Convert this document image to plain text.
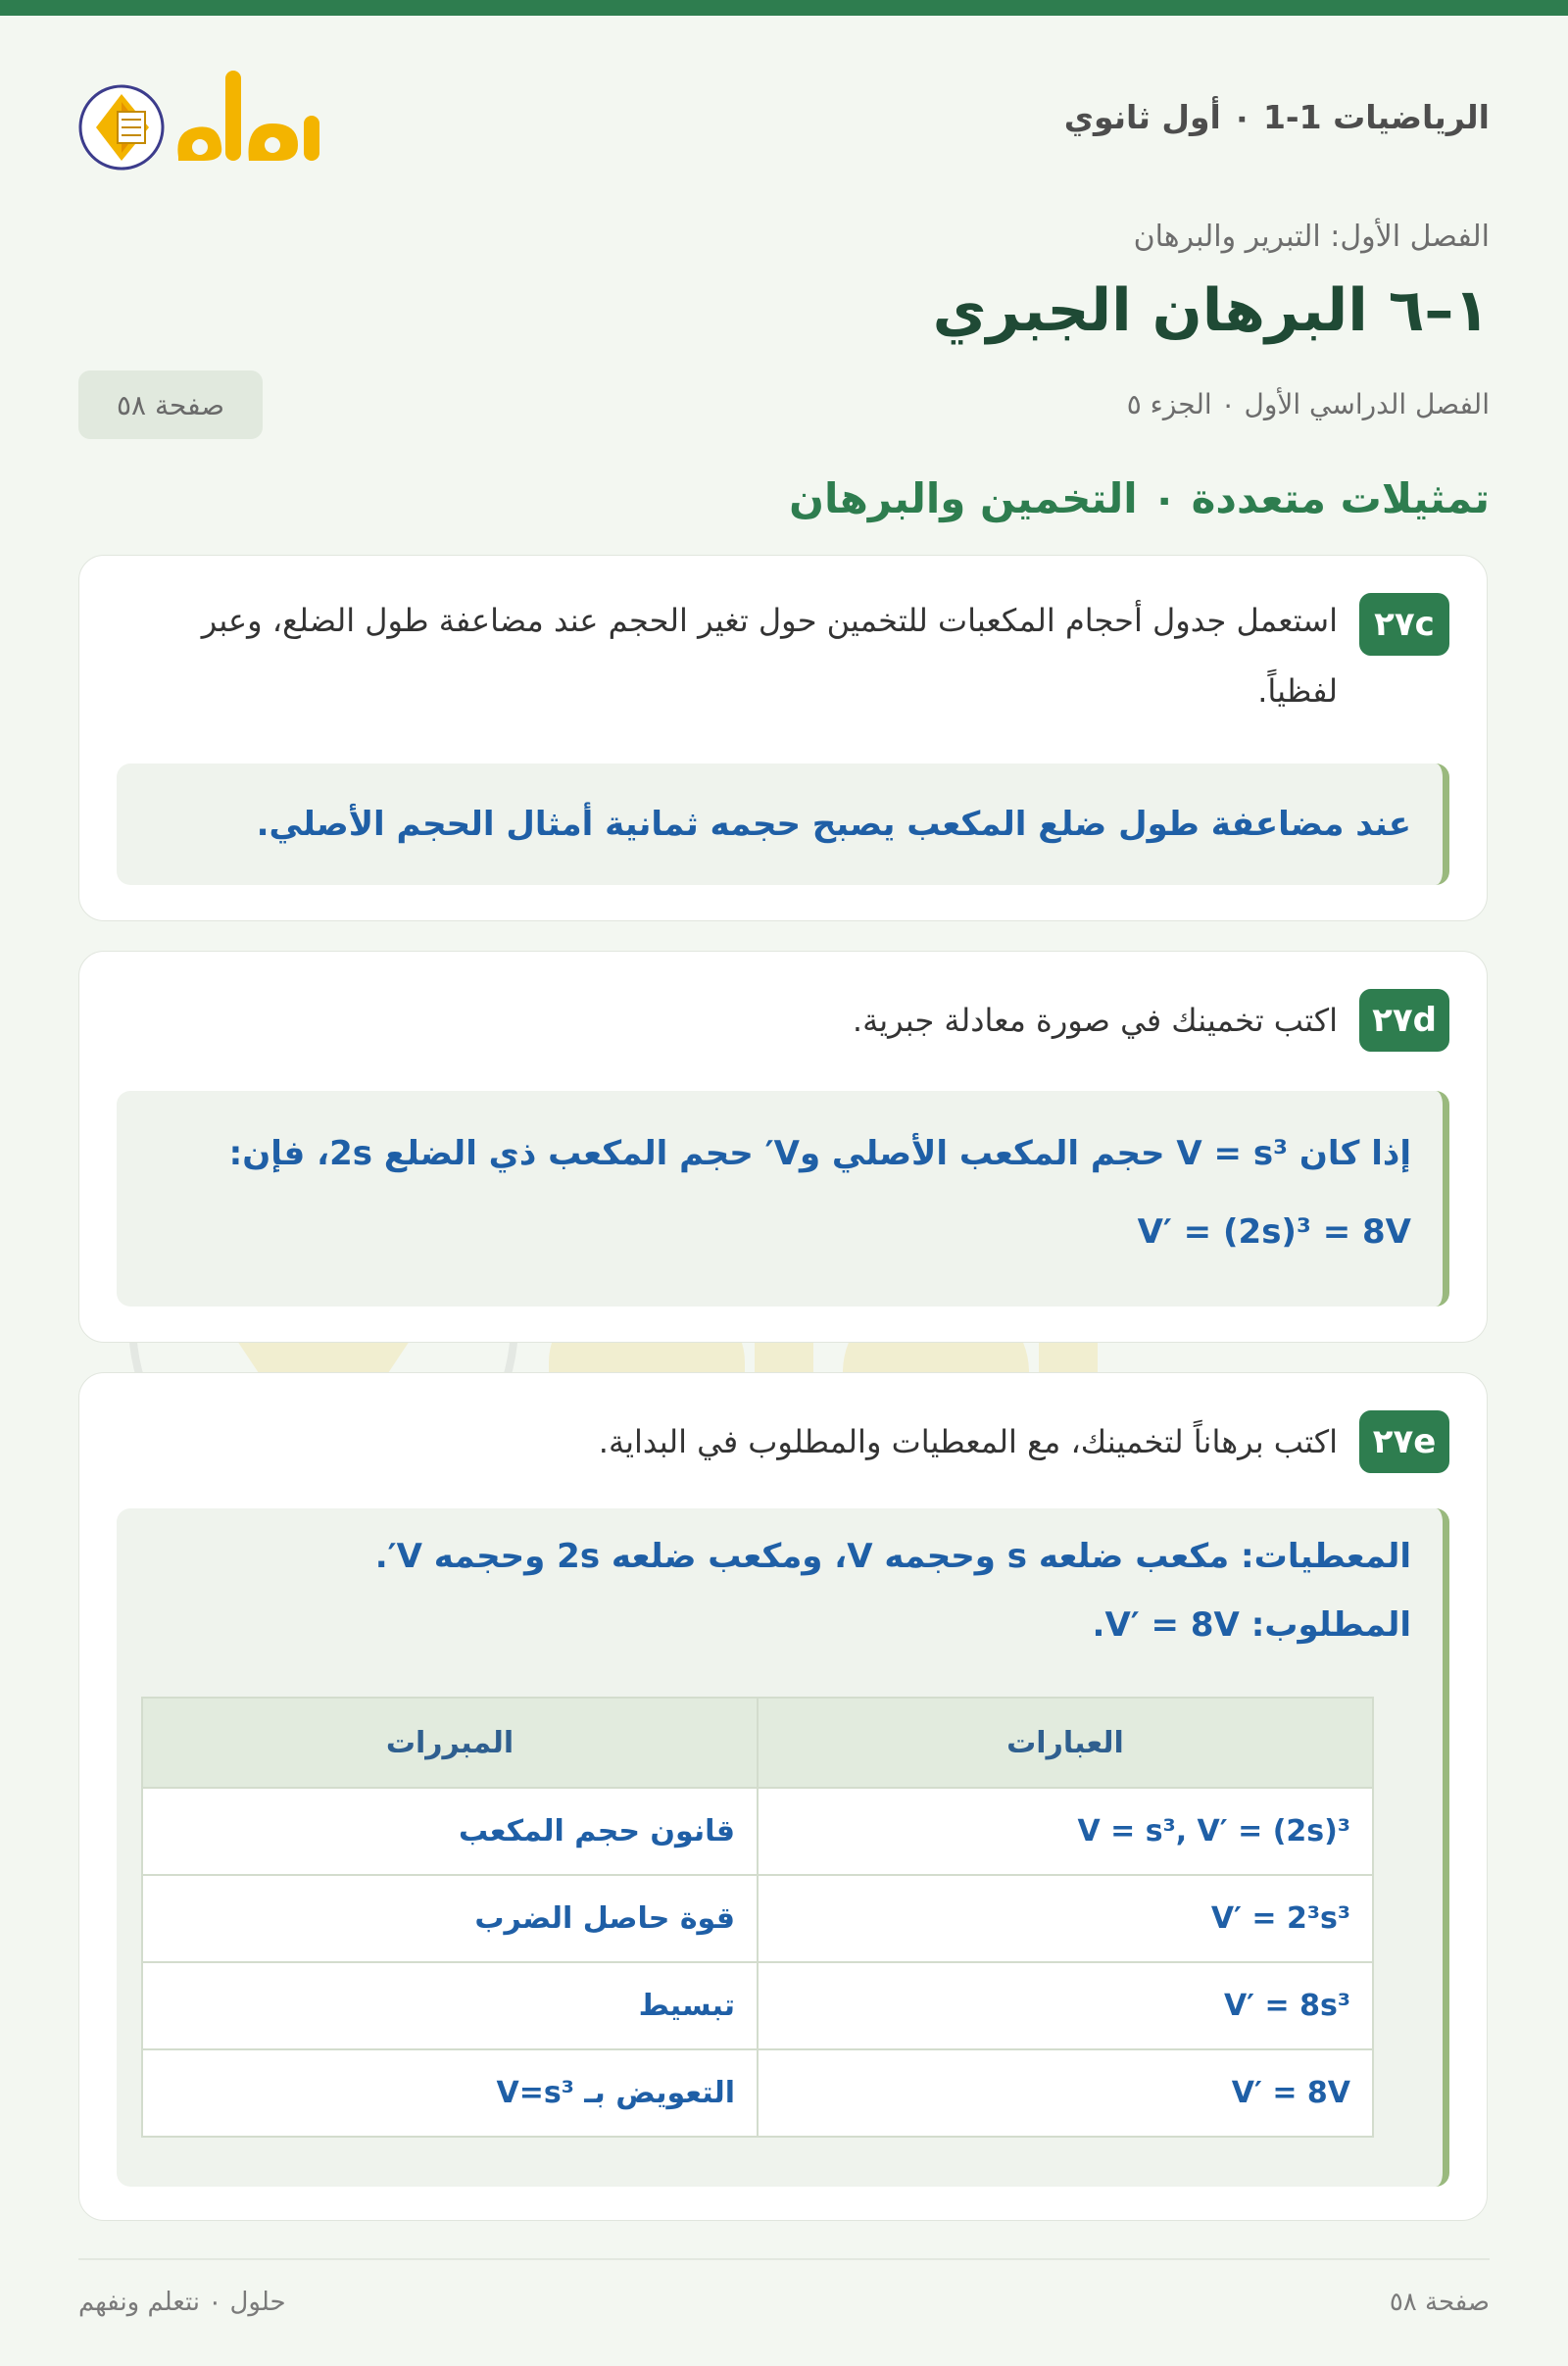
الرياضيات 1-1 ٠ أول ثانوي
الفصل الأول: التبرير والبرهان
١–٦ البرهان الجبري
الفصل الدراسي الأول ٠ الجزء ٥
صفحة ٥٨
تمثيلات متعددة ٠ التخمين والبرهان
٢٧c
استعمل جدول أحجام المكعبات للتخمين حول تغير الحجم عند مضاعفة طول الضلع، وعبر لفظياً.
عند مضاعفة طول ضلع المكعب يصبح حجمه ثمانية أمثال الحجم الأصلي.
٢٧d
اكتب تخمينك في صورة معادلة جبرية.
إذا كان V = s³ حجم المكعب الأصلي وV′ حجم المكعب ذي الضلع 2s، فإن:
V′ = (2s)³ = 8V
٢٧e
اكتب برهاناً لتخمينك، مع المعطيات والمطلوب في البداية.
المعطيات: مكعب ضلعه s وحجمه V، ومكعب ضلعه 2s وحجمه V′.
المطلوب: V′ = 8V.
العبارات	المبررات
V = s³, V′ = (2s)³	قانون حجم المكعب
V′ = 2³s³	قوة حاصل الضرب
V′ = 8s³	تبسيط
V′ = 8V	التعويض بـ V=s³
صفحة ٥٨
حلول ٠ نتعلم ونفهم
